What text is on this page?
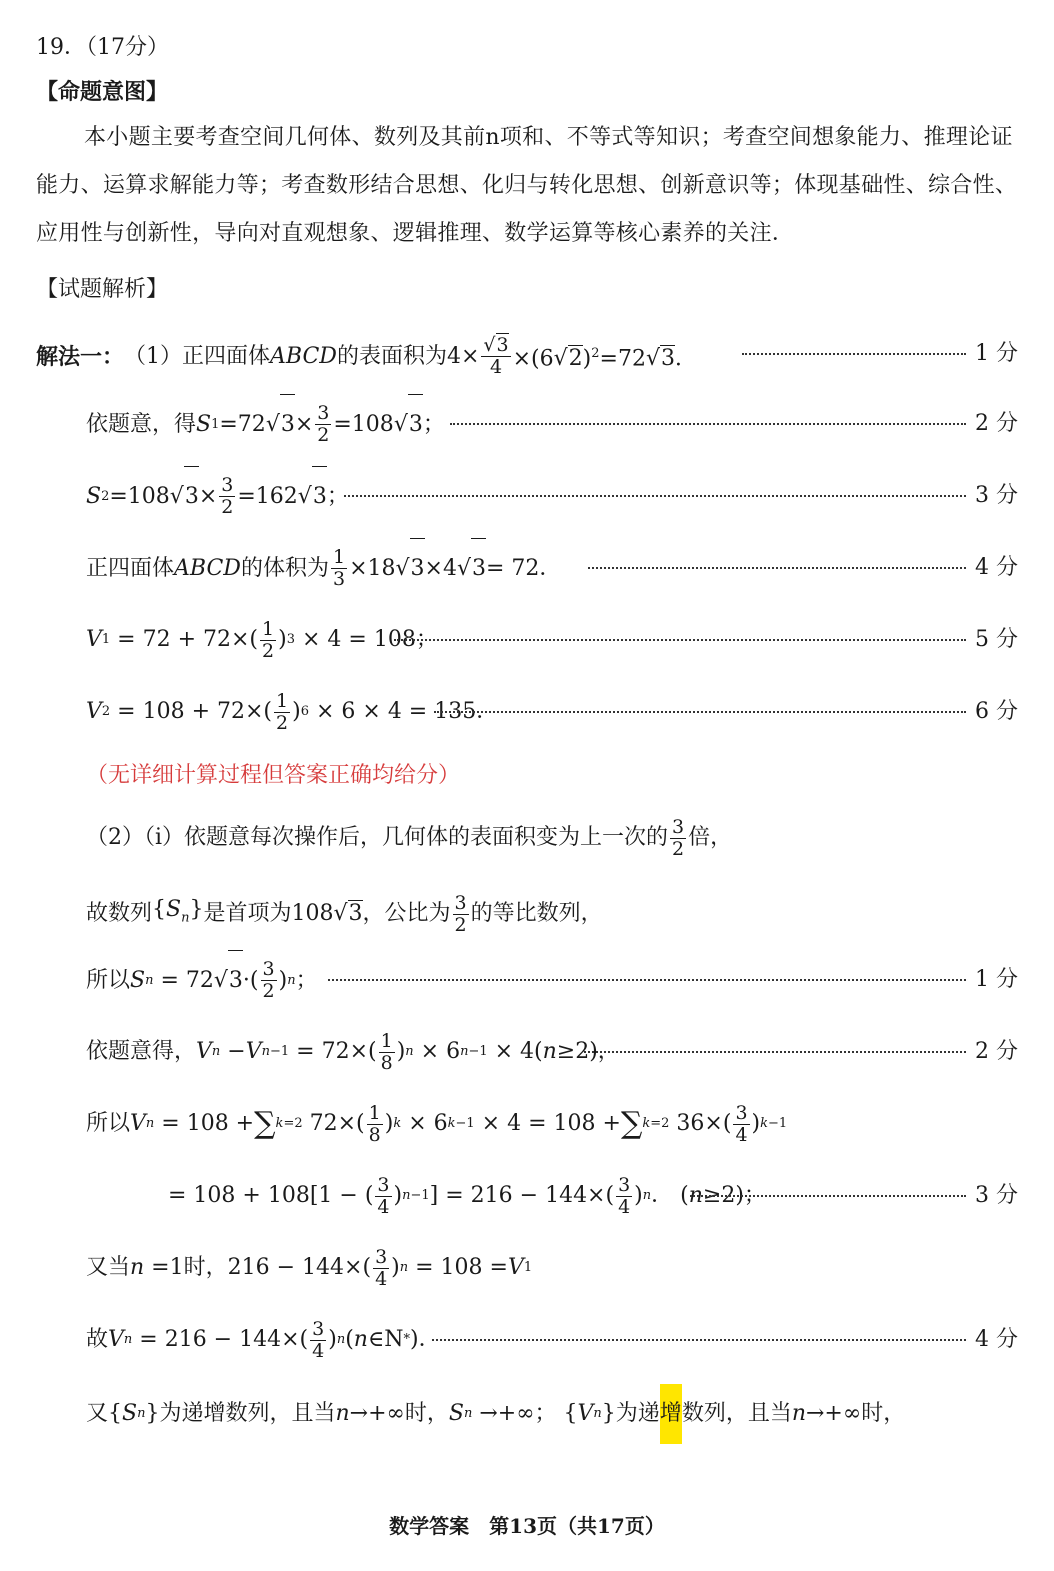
19．（17分）
【命题意图】
本小题主要考查空间几何体、数列及其前n项和、不等式等知识；考查空间想象能力、推理论证能力、运算求解能力等；考查数形结合思想、化归与转化思想、创新意识等；体现基础性、综合性、应用性与创新性，导向对直观想象、逻辑推理、数学运算等核心素养的关注．
【试题解析】
解法一： （1）正四面体 ABCD 的表面积为 4×
√ $\frac{3}{4} \times(6√$ 2)$^2$=72√ 3．	1 分
依题意，得 S 1 =72
√ $3 \times \frac{3}{2} =108$
√ 3 ；	2 分
S 2 =108
√ $3 \times \frac{3}{2} =162$
√ 3 ；	3 分
正四面体 ABCD 的体积为 $\frac{1}{3} \times 18$
√ 3 ×4
√ 3 = 72．	4 分
V $1 = 72 + 72\times( \frac{1}{2}$ ) 3 × 4 = 108；	5 分
V $2 = 108 + 72\times( \frac{1}{2}$ ) 6 × 6 × 4 = 135．	6 分
（无详细计算过程但答案正确均给分）
（2）（i）依题意每次操作后，几何体的表面积变为上一次的 $\frac{3}{2}$ 倍，
故数列 $\{S_n\}$ 是首项为 108√ 3 ，公比为 $\frac{3}{2}$ 的等比数列，
所以 S n = 72
√ 3 ·( $\frac{3}{2}$ ) n ；	1 分
依题意得， V n − V $n-1 = 72\times( \frac{1}{8}$ ) n × 6 n−1 × 4( n ≥2)，	2 分
所以 V n = 108 + ∑ k=2 $72\times( \frac{1}{8}$ ) k × 6 k−1 × 4 = 108 + ∑ k=2 $36\times( \frac{3}{4}$ ) k−1
= 108 + 108[1 − ( $\frac{3}{4}$ ) n−1 ] = $216 - 144\times( \frac{3}{4}$ ) n ． ( n ≥2)；	3 分
又当 n =1 时， $216 - 144\times( \frac{3}{4}$ ) n = 108 = V 1
故 V $n = 216 - 144\times( \frac{3}{4}$ ) n ( n ∈N * )．	4 分
又 { S n } 为递增数列，且当 n →+∞ 时， S n →+∞； { V n } 为递 增 数列，且当 n →+∞ 时，
数学答案　第13页（共17页）
